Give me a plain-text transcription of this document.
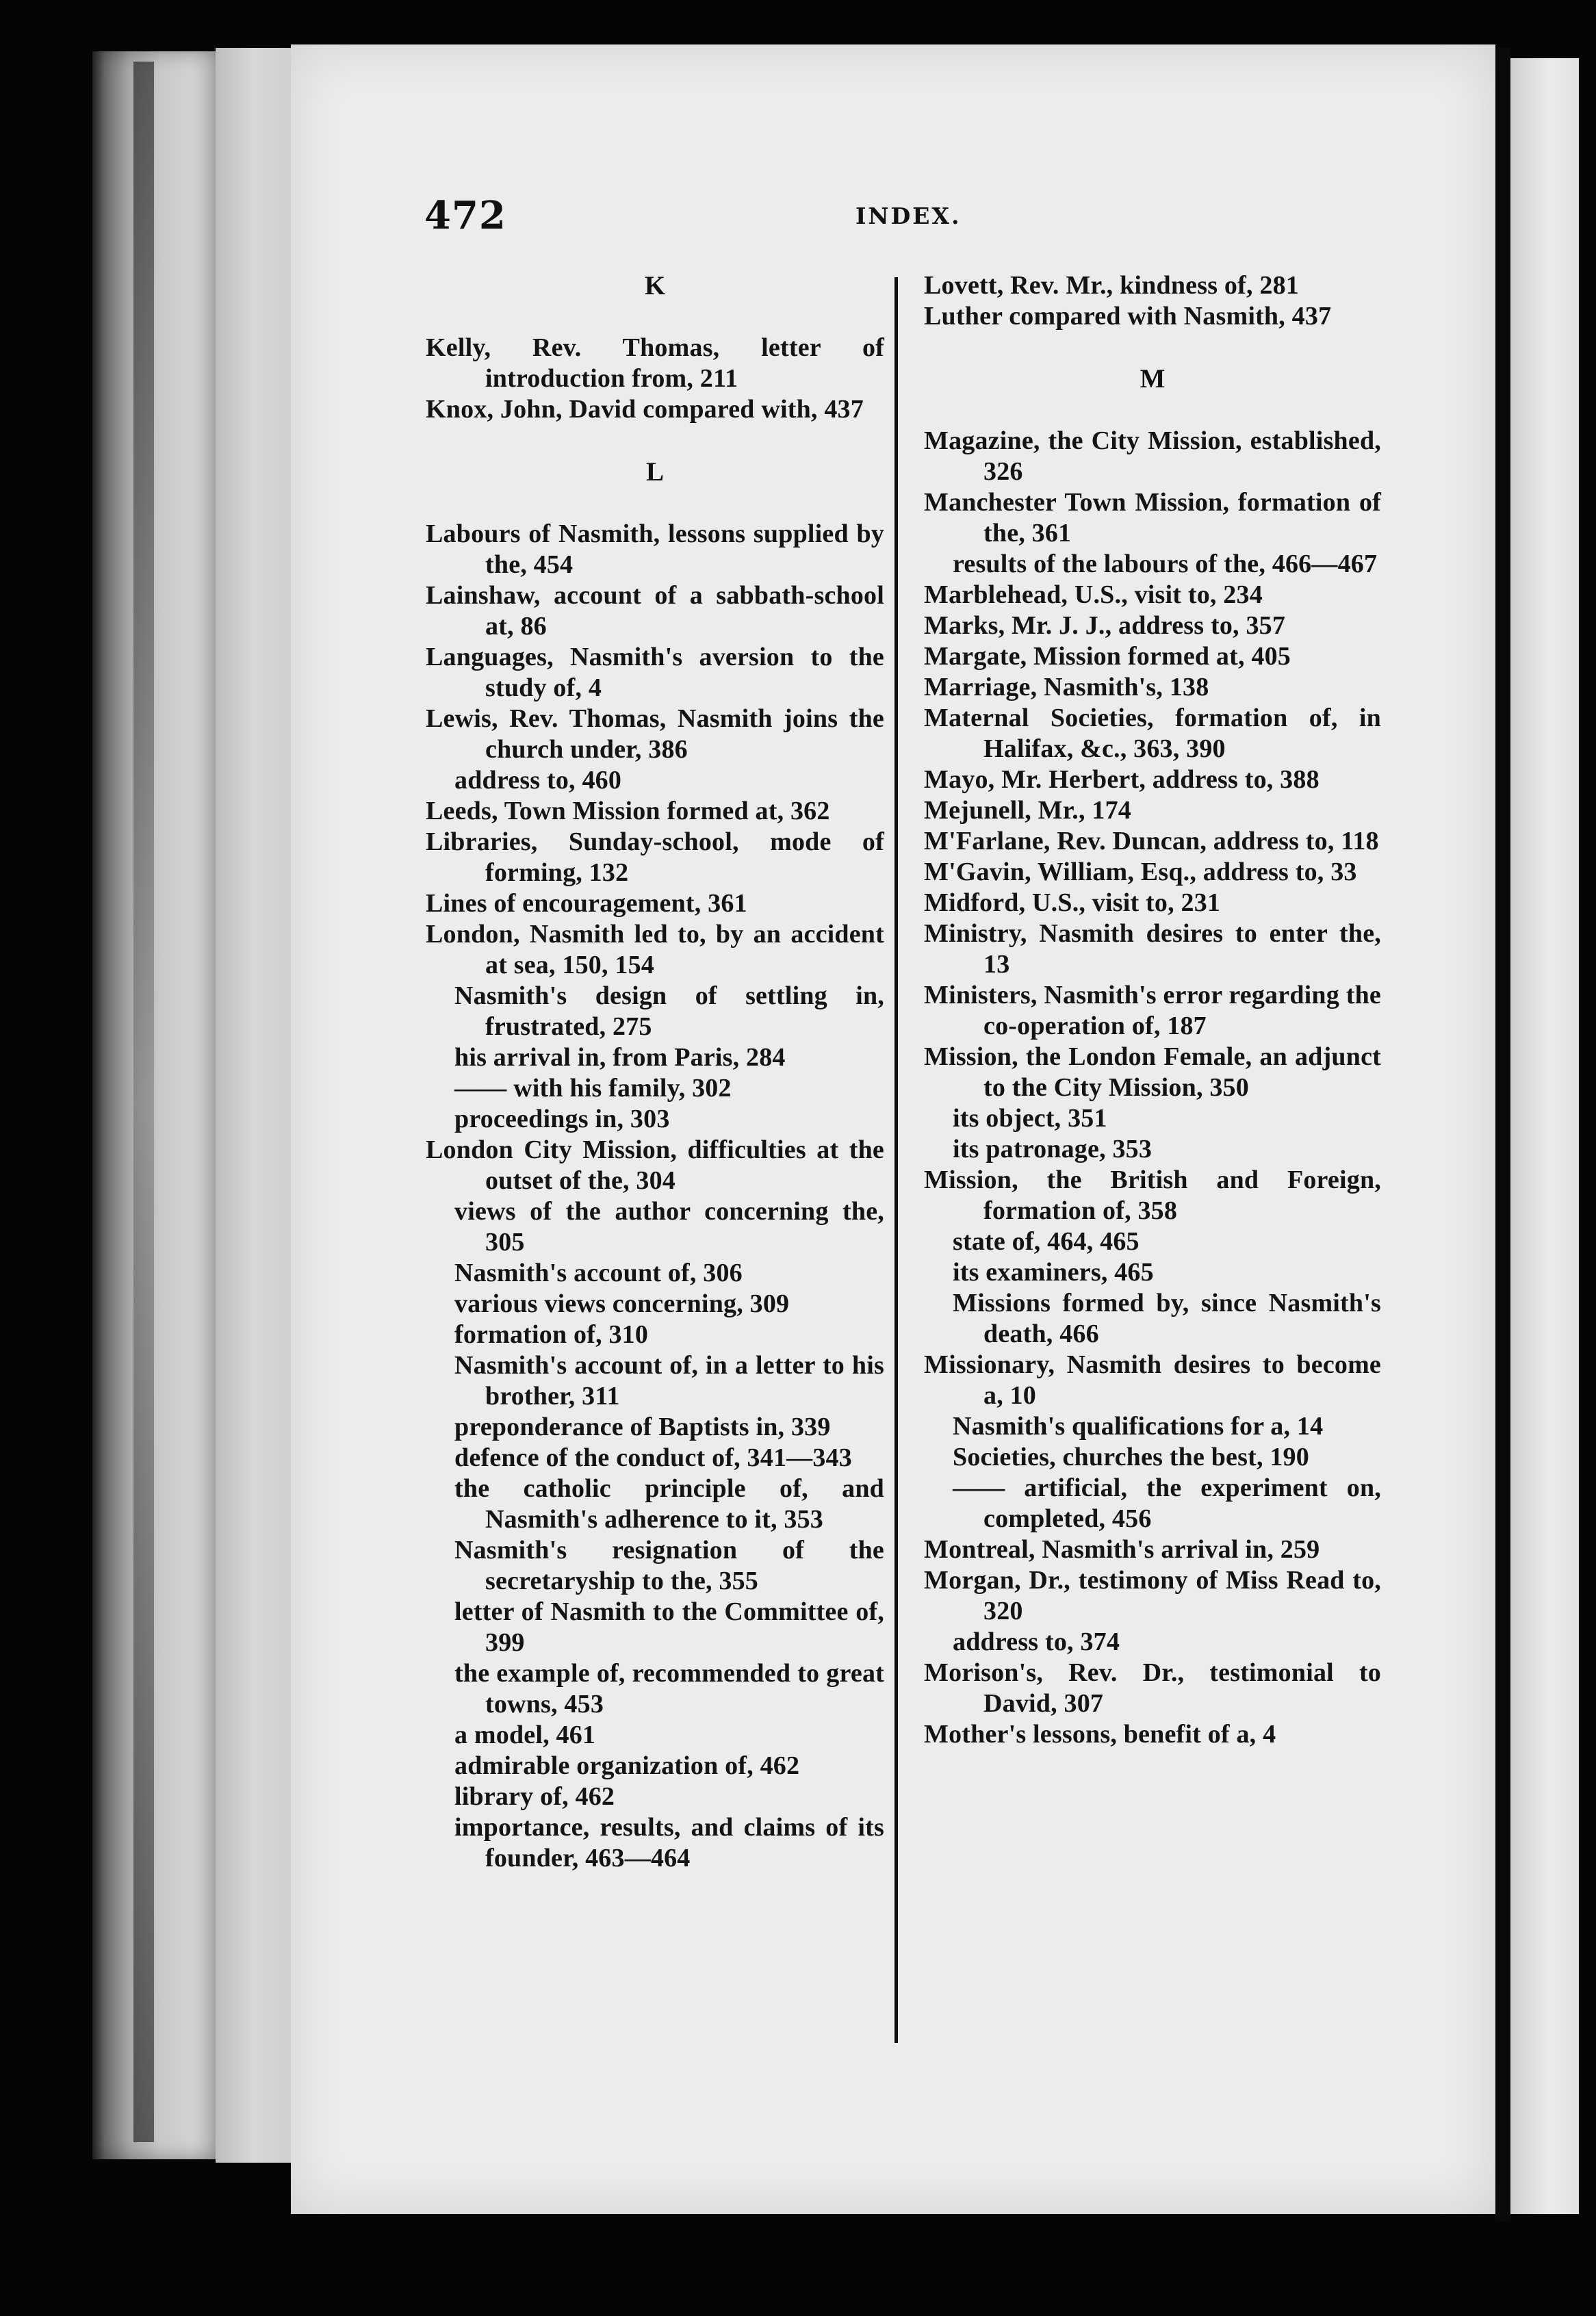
472	INDEX.
K
Kelly, Rev. Thomas, letter of introduction from, 211
Knox, John, David compared with, 437
L
Labours of Nasmith, lessons supplied by the, 454
Lainshaw, account of a sabbath-school at, 86
Languages, Nasmith's aversion to the study of, 4
Lewis, Rev. Thomas, Nasmith joins the church under, 386
address to, 460
Leeds, Town Mission formed at, 362
Libraries, Sunday-school, mode of forming, 132
Lines of encouragement, 361
London, Nasmith led to, by an accident at sea, 150, 154
Nasmith's design of settling in, frustrated, 275
his arrival in, from Paris, 284
—— with his family, 302
proceedings in, 303
London City Mission, difficulties at the outset of the, 304
views of the author concerning the, 305
Nasmith's account of, 306
various views concerning, 309
formation of, 310
Nasmith's account of, in a letter to his brother, 311
preponderance of Baptists in, 339
defence of the conduct of, 341—343
the catholic principle of, and Nasmith's adherence to it, 353
Nasmith's resignation of the secretaryship to the, 355
letter of Nasmith to the Committee of, 399
the example of, recommended to great towns, 453
a model, 461
admirable organization of, 462
library of, 462
importance, results, and claims of its founder, 463—464
Lovett, Rev. Mr., kindness of, 281
Luther compared with Nasmith, 437
M
Magazine, the City Mission, established, 326
Manchester Town Mission, formation of the, 361
results of the labours of the, 466—467
Marblehead, U.S., visit to, 234
Marks, Mr. J. J., address to, 357
Margate, Mission formed at, 405
Marriage, Nasmith's, 138
Maternal Societies, formation of, in Halifax, &c., 363, 390
Mayo, Mr. Herbert, address to, 388
Mejunell, Mr., 174
M'Farlane, Rev. Duncan, address to, 118
M'Gavin, William, Esq., address to, 33
Midford, U.S., visit to, 231
Ministry, Nasmith desires to enter the, 13
Ministers, Nasmith's error regarding the co-operation of, 187
Mission, the London Female, an adjunct to the City Mission, 350
its object, 351
its patronage, 353
Mission, the British and Foreign, formation of, 358
state of, 464, 465
its examiners, 465
Missions formed by, since Nasmith's death, 466
Missionary, Nasmith desires to become a, 10
Nasmith's qualifications for a, 14
Societies, churches the best, 190
—— artificial, the experiment on, completed, 456
Montreal, Nasmith's arrival in, 259
Morgan, Dr., testimony of Miss Read to, 320
address to, 374
Morison's, Rev. Dr., testimonial to David, 307
Mother's lessons, benefit of a, 4
